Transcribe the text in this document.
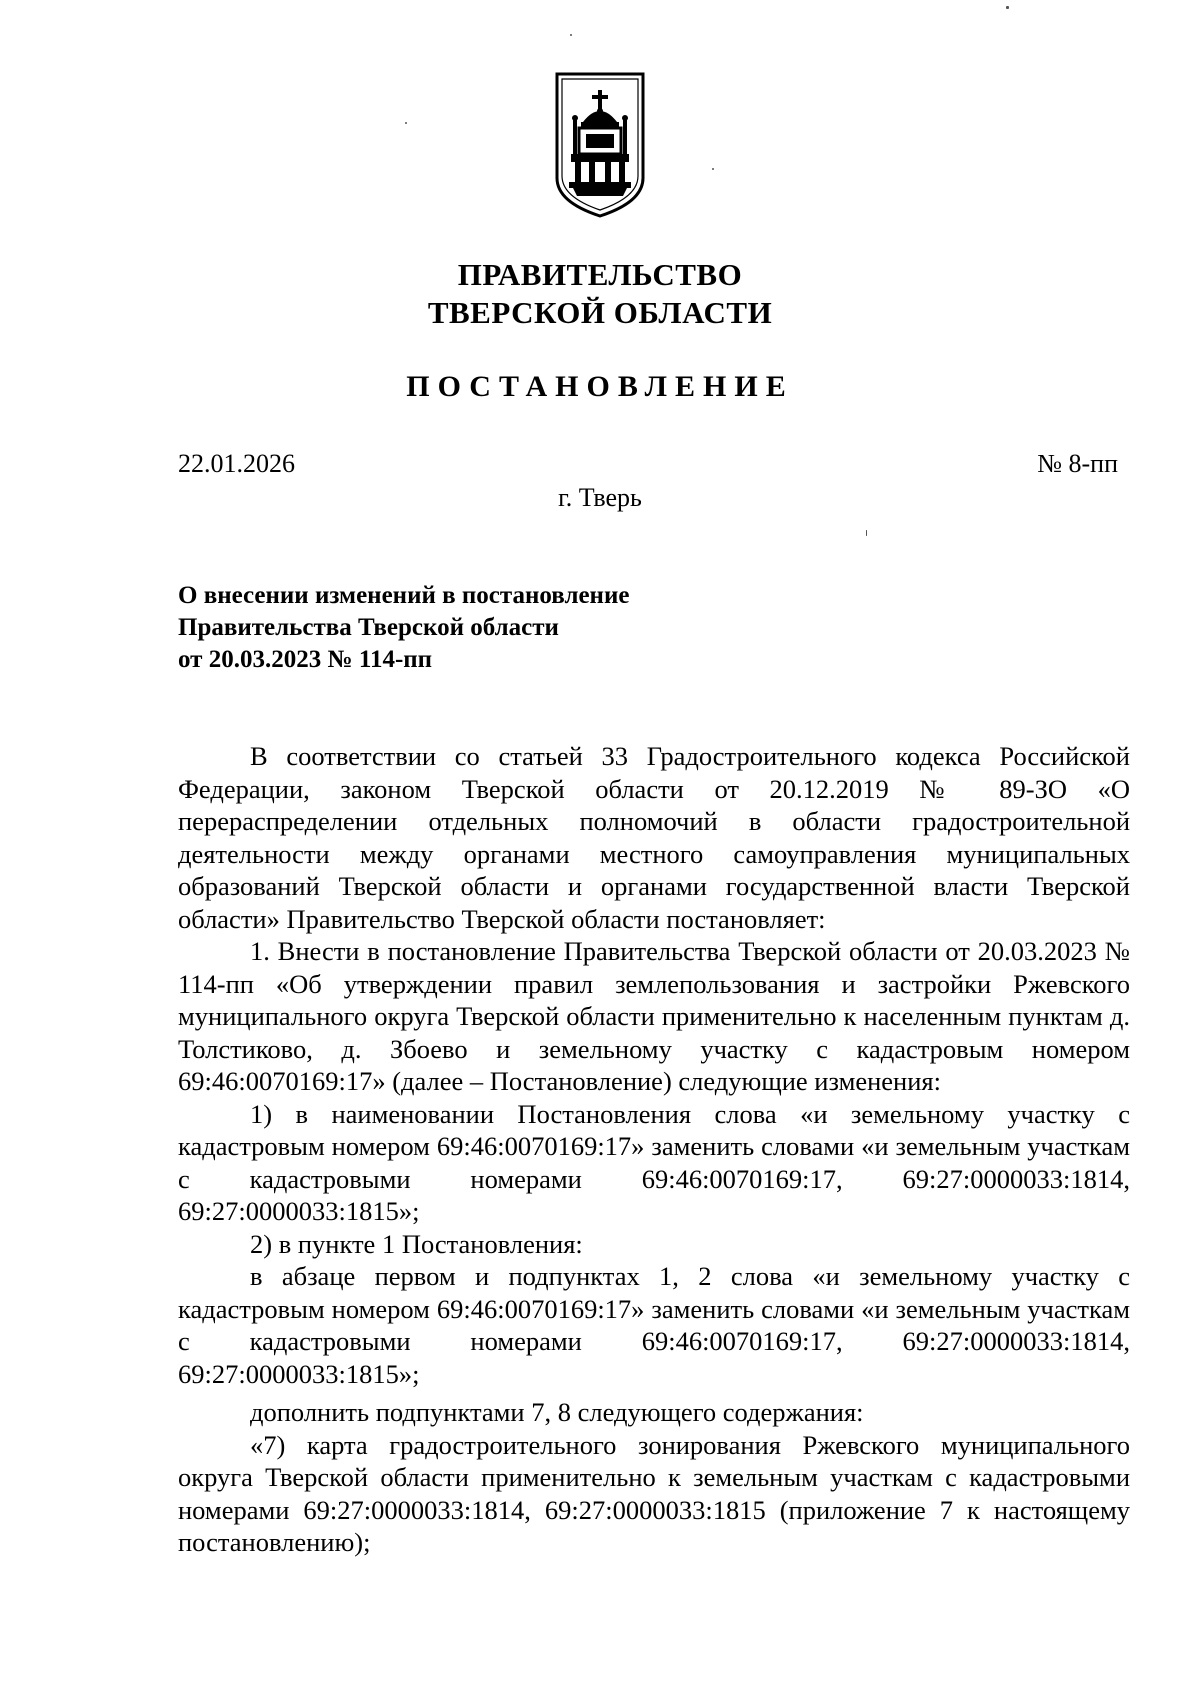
ПРАВИТЕЛЬСТВО
ТВЕРСКОЙ ОБЛАСТИ
ПОСТАНОВЛЕНИЕ
22.01.2026	№ 8-пп
г. Тверь
О внесении изменений в постановление
Правительства Тверской области
от 20.03.2023 № 114-пп

В соответствии со статьей 33 Градостроительного кодекса Российской Федерации, законом Тверской области от 20.12.2019 № 89-ЗО «О перераспределении отдельных полномочий в области градостроительной деятельности между органами местного самоуправления муниципальных образований Тверской области и органами государственной власти Тверской области» Правительство Тверской области постановляет:

1. Внести в постановление Правительства Тверской области от 20.03.2023 № 114-пп «Об утверждении правил землепользования и застройки Ржевского муниципального округа Тверской области применительно к населенным пунктам д. Толстиково, д. Збоево и земельному участку с кадастровым номером 69:46:0070169:17» (далее – Постановление) следующие изменения:

1) в наименовании Постановления слова «и земельному участку с кадастровым номером 69:46:0070169:17» заменить словами «и земельным участкам с кадастровыми номерами 69:46:0070169:17, 69:27:0000033:1814, 69:27:0000033:1815»;

2) в пункте 1 Постановления:

в абзаце первом и подпунктах 1, 2 слова «и земельному участку с кадастровым номером 69:46:0070169:17» заменить словами «и земельным участкам с кадастровыми номерами 69:46:0070169:17, 69:27:0000033:1814, 69:27:0000033:1815»;

дополнить подпунктами 7, 8 следующего содержания:

«7) карта градостроительного зонирования Ржевского муниципального округа Тверской области применительно к земельным участкам с кадастровыми номерами 69:27:0000033:1814, 69:27:0000033:1815 (приложение 7 к настоящему постановлению);
